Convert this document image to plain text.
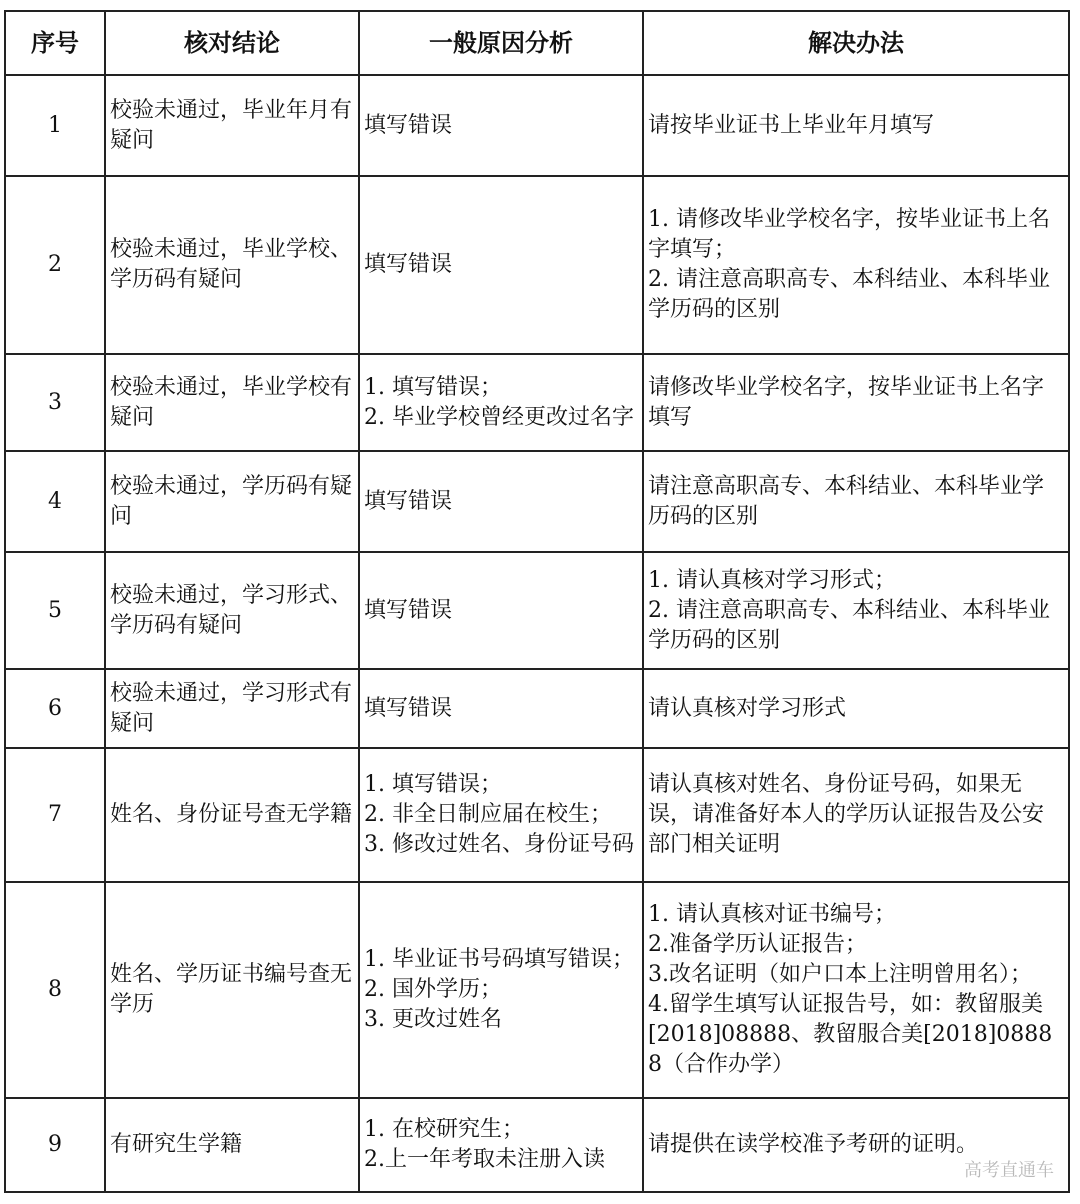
序号	核对结论	一般原因分析	解决办法
1	校验未通过，毕业年月有疑问	填写错误	请按毕业证书上毕业年月填写

2	校验未通过，毕业学校、学历码有疑问	填写错误	1. 请修改毕业学校名字，按毕业证书上名字填写；
2. 请注意高职高专、本科结业、本科毕业学历码的区别

3	校验未通过，毕业学校有疑问	1. 填写错误；
2. 毕业学校曾经更改过名字	请修改毕业学校名字，按毕业证书上名字填写

4	校验未通过，学历码有疑问	填写错误	请注意高职高专、本科结业、本科毕业学历码的区别

5	校验未通过，学习形式、学历码有疑问	填写错误	1. 请认真核对学习形式；
2. 请注意高职高专、本科结业、本科毕业学历码的区别

6	校验未通过，学习形式有疑问	填写错误	请认真核对学习形式

7	姓名、身份证号查无学籍	1. 填写错误；
2. 非全日制应届在校生；
3. 修改过姓名、身份证号码	请认真核对姓名、身份证号码，如果无误，请准备好本人的学历认证报告及公安部门相关证明

8	姓名、学历证书编号查无学历	1. 毕业证书号码填写错误；
2. 国外学历；
3. 更改过姓名	1. 请认真核对证书编号；
2.准备学历认证报告；
3.改名证明（如户口本上注明曾用名）；
4.留学生填写认证报告号，如：教留服美[2018]08888、教留服合美[2018]08888（合作办学）

9	有研究生学籍	1. 在校研究生；
2.上一年考取未注册入读	请提供在读学校准予考研的证明。
高考直通车
